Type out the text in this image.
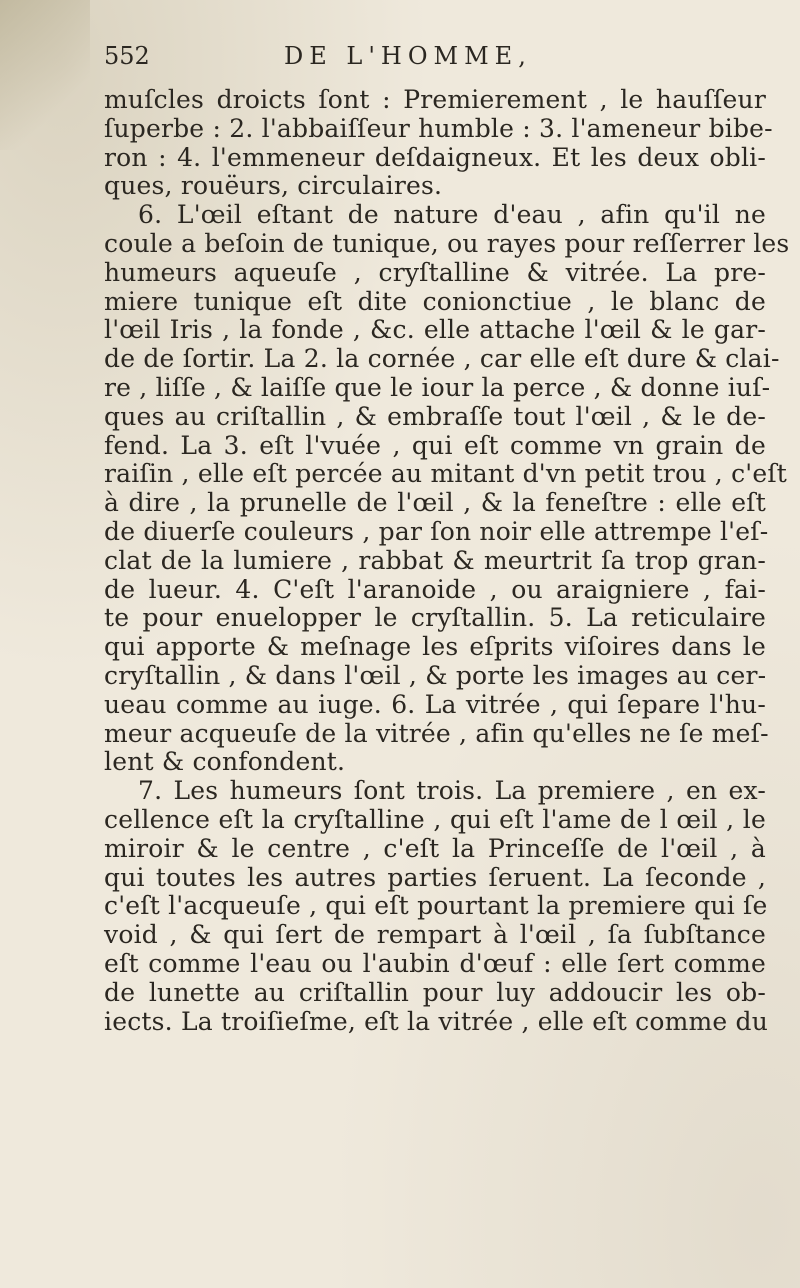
552	DE L'HOMME,
muſcles droicts ſont : Premierement , le hauſſeur
ſuperbe : 2. l'abbaiſſeur humble : 3. l'ameneur bibe-
ron : 4. l'emmeneur deſdaigneux. Et les deux obli-
ques, rouëurs, circulaires.
6. L'œil eſtant de nature d'eau , afin qu'il ne
coule a beſoin de tunique, ou rayes pour reſſerrer les
humeurs aqueuſe , cryſtalline & vitrée. La pre-
miere tunique eſt dite conionctiue , le blanc de
l'œil Iris , la fonde , &c. elle attache l'œil & le gar-
de de ſortir. La 2. la cornée , car elle eſt dure & clai-
re , liſſe , & laiſſe que le iour la perce , & donne iuſ-
ques au criſtallin , & embraſſe tout l'œil , & le de-
fend. La 3. eſt l'vuée , qui eſt comme vn grain de
raiſin , elle eſt percée au mitant d'vn petit trou , c'eſt
à dire , la prunelle de l'œil , & la feneſtre : elle eſt
de diuerſe couleurs , par ſon noir elle attrempe l'eſ-
clat de la lumiere , rabbat & meurtrit ſa trop gran-
de lueur. 4. C'eſt l'aranoide , ou araigniere , fai-
te pour enuelopper le cryſtallin. 5. La reticulaire
qui apporte & meſnage les eſprits viſoires dans le
cryſtallin , & dans l'œil , & porte les images au cer-
ueau comme au iuge. 6. La vitrée , qui ſepare l'hu-
meur acqueuſe de la vitrée , afin qu'elles ne ſe meſ-
lent & confondent.
7. Les humeurs ſont trois. La premiere , en ex-
cellence eſt la cryſtalline , qui eſt l'ame de l œil , le
miroir & le centre , c'eſt la Princeſſe de l'œil , à
qui toutes les autres parties ſeruent. La ſeconde ,
c'eſt l'acqueuſe , qui eſt pourtant la premiere qui ſe
void , & qui ſert de rempart à l'œil , ſa ſubſtance
eſt comme l'eau ou l'aubin d'œuf : elle ſert comme
de lunette au criſtallin pour luy addoucir les ob-
iects. La troiſieſme, eſt la vitrée , elle eſt comme du
